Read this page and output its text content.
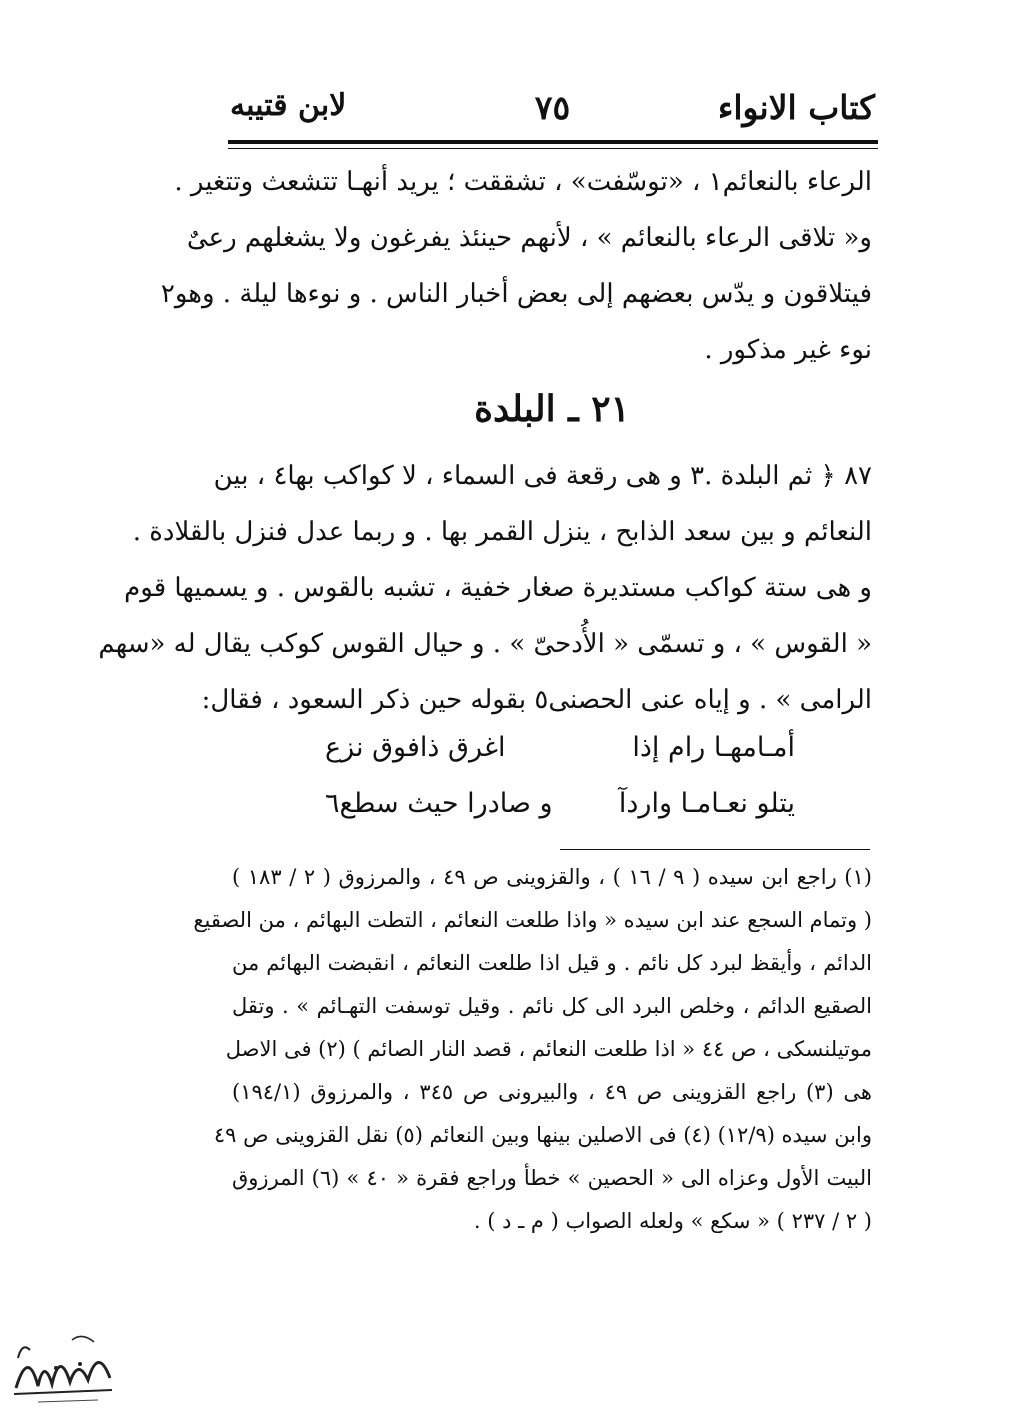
كتاب الانواء
٧٥
لابن قتيبه
الرعاء بالنعائم١ ، «توسّفت» ، تشققت ؛ يريد أنهـا تتشعث وتتغير .
و« تلاقى الرعاء بالنعائم » ، لأنهم حينئذ يفرغون ولا يشغلهم رعىٌ
فيتلاقون و يدّس بعضهم إلى بعض أخبار الناس . و نوءها ليلة . وهو٢
نوء غير مذكور .
٢١ ـ البلدة
٨٧ ﴿ ثم البلدة .٣ و هى رقعة فى السماء ، لا كواكب بها٤ ، بين
النعائم و بين سعد الذابح ، ينزل القمر بها . و ربما عدل فنزل بالقلادة .
و هى ستة كواكب مستديرة صغار خفية ، تشبه بالقوس . و يسميها قوم
« القوس » ، و تسمّى « الأُدحىّ » . و حيال القوس كوكب يقال له «سهم
الرامى » . و إياه عنى الحصنى٥ بقوله حين ذكر السعود ، فقال:
أمـامهـا رام إذا
اغرق ذافوق نزع
يتلو نعـامـا واردآ
و صادرا حيث سطع٦
(١) راجع ابن سيده ( ٩ / ١٦ ) ، والقزوينى ص ٤٩ ، والمرزوق ( ٢ / ١٨٣ )
( وتمام السجع عند ابن سيده « واذا طلعت النعائم ، التطت البهائم ، من الصقيع
الدائم ، وأيقظ لبرد كل نائم . و قيل اذا طلعت النعائم ، انقبضت البهائم من
الصقيع الدائم ، وخلص البرد الى كل نائم . وقيل توسفت التهـائم » . وتقل
موتيلنسكى ، ص ٤٤ « اذا طلعت النعائم ، قصد النار الصائم ) (٢) فى الاصل
هى (٣) راجع القزوينى ص ٤٩ ، والبيرونى ص ٣٤٥ ، والمرزوق (١٩٤/١)
وابن سيده (١٢/٩) (٤) فى الاصلين بينها وبين النعائم (٥) نقل القزوينى ص ٤٩
البيت الأول وعزاه الى « الحصين » خطأ وراجع فقرة « ٤٠ » (٦) المرزوق
( ٢ / ٢٣٧ ) « سكع » ولعله الصواب ( م ـ د ) .
